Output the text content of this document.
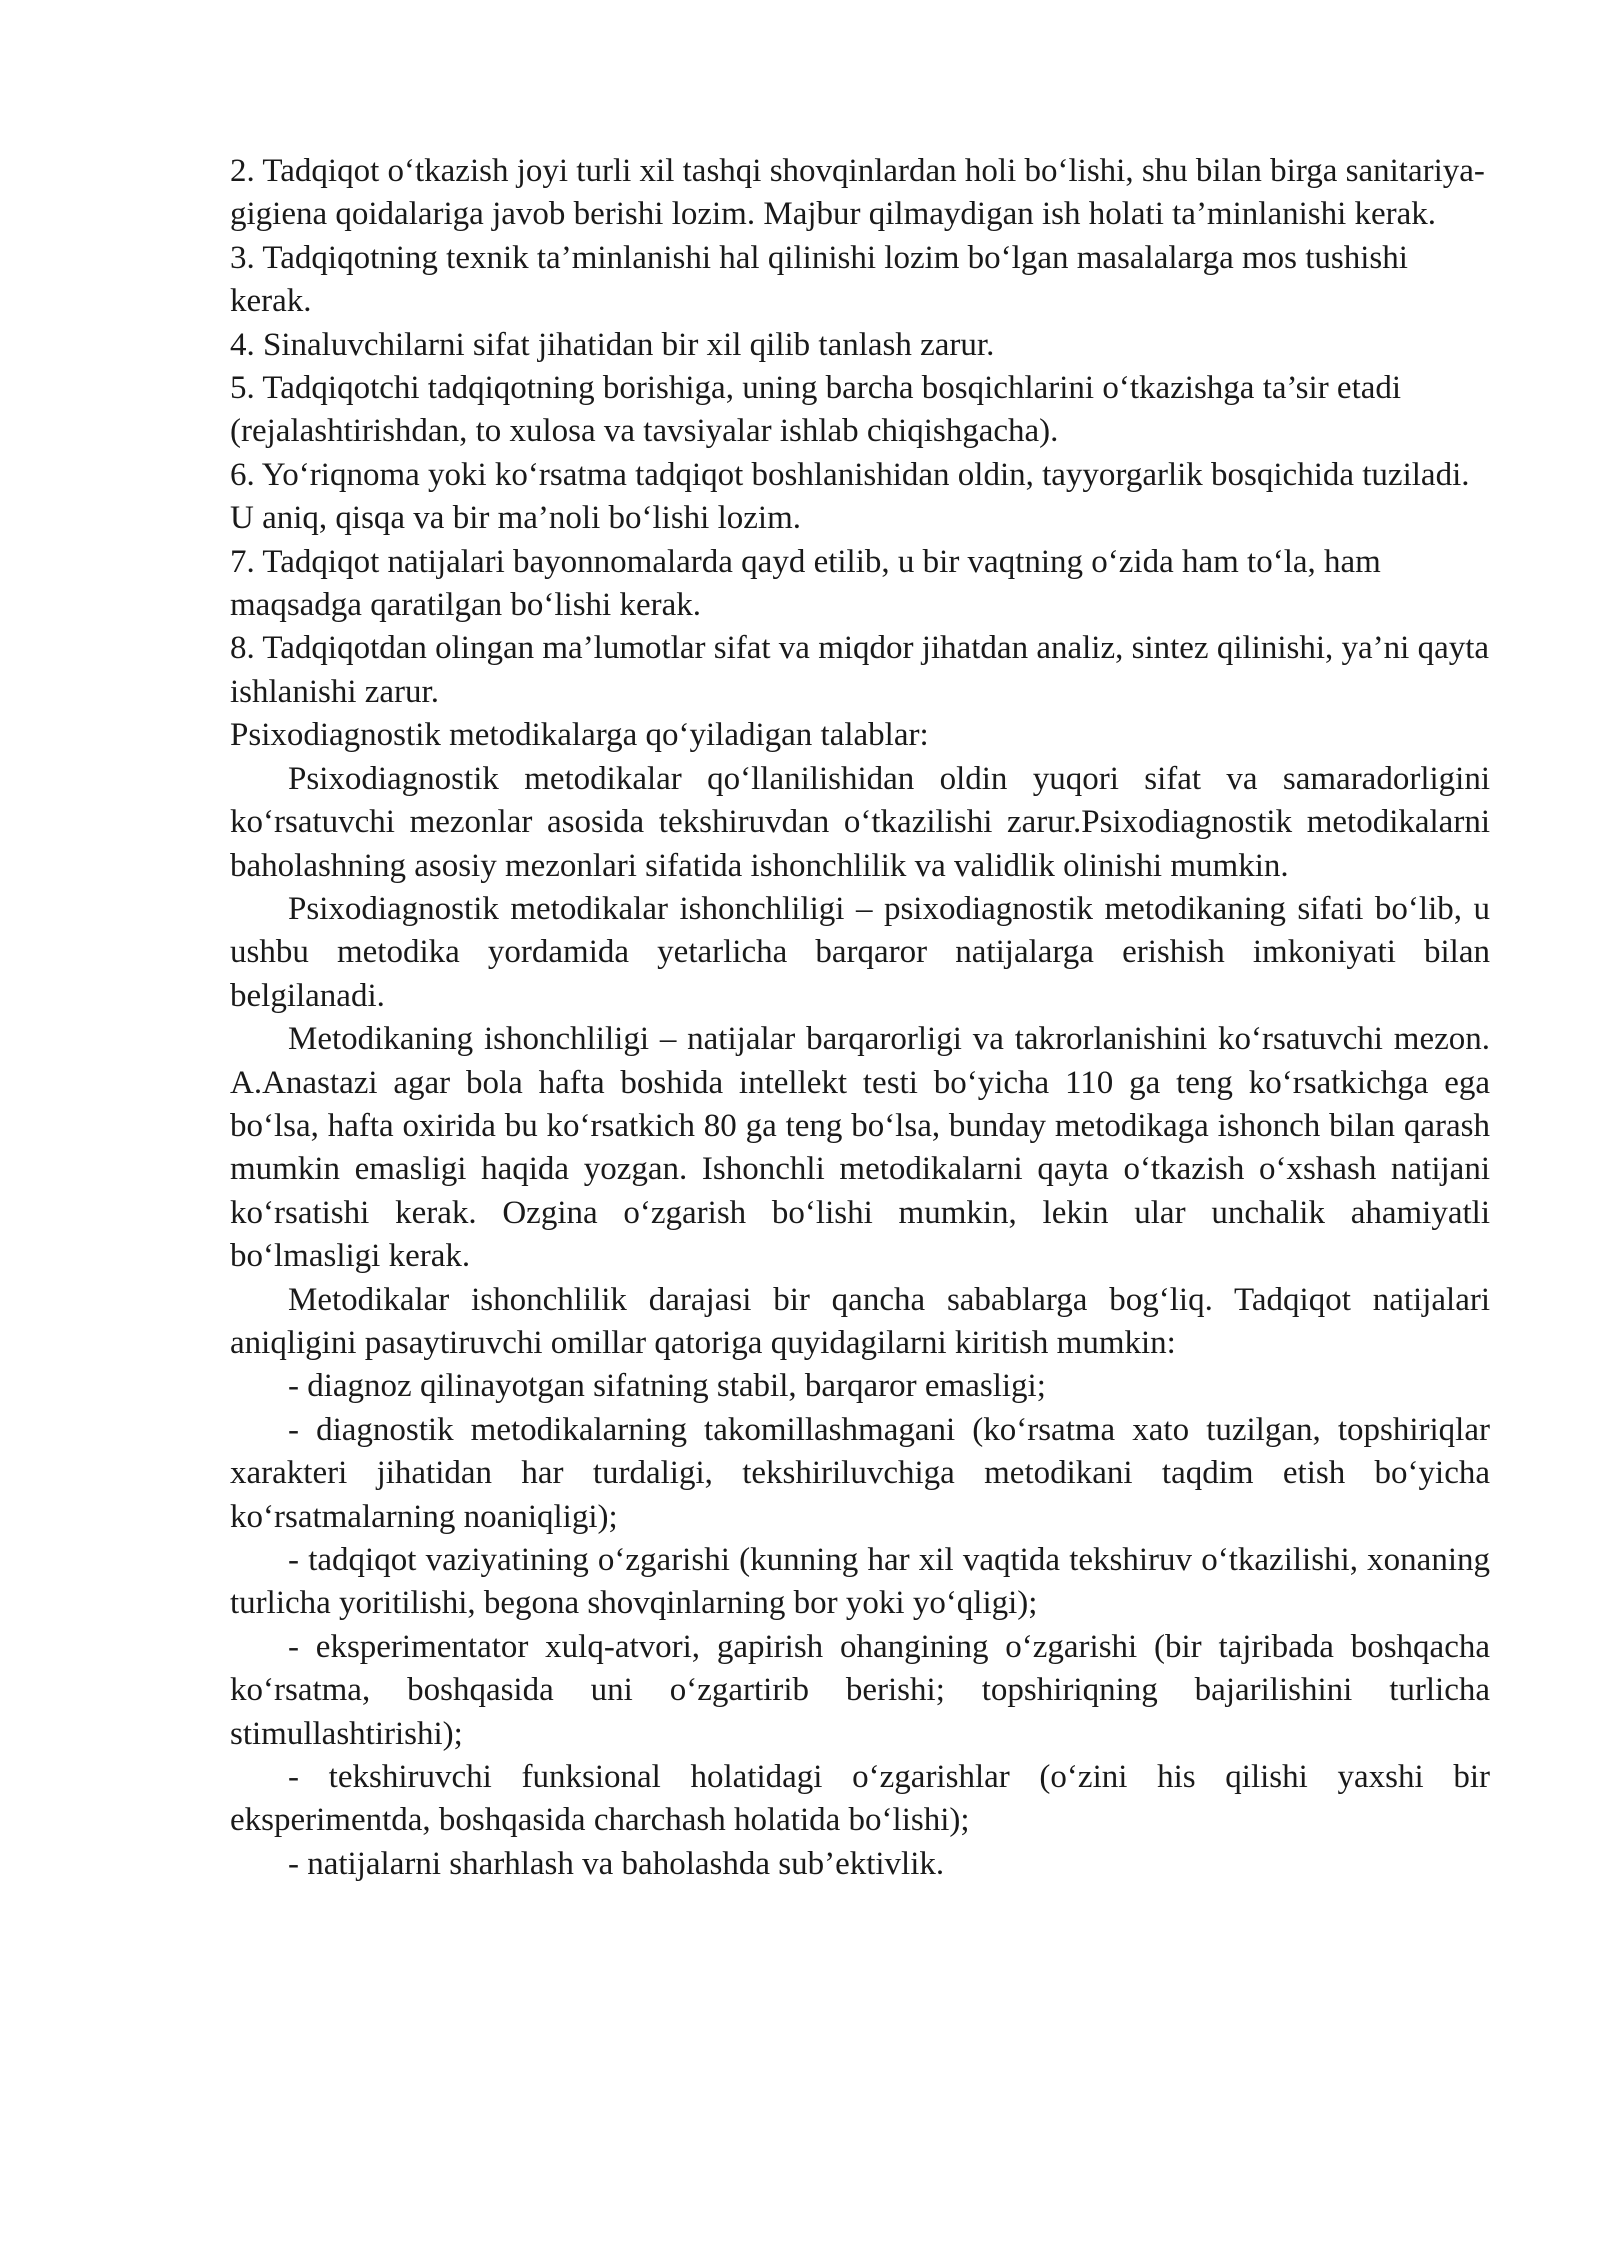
2. Tadqiqot o‘tkazish joyi turli xil tashqi shovqinlardan holi bo‘lishi, shu bilan birga sanitariya- gigiena qoidalariga javob berishi lozim. Majbur qilmaydigan ish holati ta’minlanishi kerak.

3. Tadqiqotning texnik ta’minlanishi hal qilinishi lozim bo‘lgan masalalarga mos tushishi kerak.

4. Sinaluvchilarni sifat jihatidan bir xil qilib tanlash zarur.

5. Tadqiqotchi tadqiqotning borishiga, uning barcha bosqichlarini o‘tkazishga ta’sir etadi (rejalashtirishdan, to xulosa va tavsiyalar ishlab chiqishgacha).

6. Yo‘riqnoma yoki ko‘rsatma tadqiqot boshlanishidan oldin, tayyorgarlik bosqichida tuziladi. U aniq, qisqa va bir ma’noli bo‘lishi lozim.

7. Tadqiqot natijalari bayonnomalarda qayd etilib, u bir vaqtning o‘zida ham to‘la, ham maqsadga qaratilgan bo‘lishi kerak.

8. Tadqiqotdan olingan ma’lumotlar sifat va miqdor jihatdan analiz, sintez qilinishi, ya’ni qayta ishlanishi zarur.

Psixodiagnostik metodikalarga qo‘yiladigan talablar:

Psixodiagnostik metodikalar qo‘llanilishidan oldin yuqori sifat va samaradorligini ko‘rsatuvchi mezonlar asosida tekshiruvdan o‘tkazilishi zarur.Psixodiagnostik metodikalarni baholashning asosiy mezonlari sifatida ishonchlilik va validlik olinishi mumkin.

Psixodiagnostik metodikalar ishonchliligi – psixodiagnostik metodikaning sifati bo‘lib, u ushbu metodika yordamida yetarlicha barqaror natijalarga erishish imkoniyati bilan belgilanadi.

Metodikaning ishonchliligi – natijalar barqarorligi va takrorlanishini ko‘rsatuvchi mezon. A.Anastazi agar bola hafta boshida intellekt testi bo‘yicha 110 ga teng ko‘rsatkichga ega bo‘lsa, hafta oxirida bu ko‘rsatkich 80 ga teng bo‘lsa, bunday metodikaga ishonch bilan qarash mumkin emasligi haqida yozgan. Ishonchli metodikalarni qayta o‘tkazish o‘xshash natijani ko‘rsatishi kerak. Ozgina o‘zgarish bo‘lishi mumkin, lekin ular unchalik ahamiyatli bo‘lmasligi kerak.

Metodikalar ishonchlilik darajasi bir qancha sabablarga bog‘liq. Tadqiqot natijalari aniqligini pasaytiruvchi omillar qatoriga quyidagilarni kiritish mumkin:

- diagnoz qilinayotgan sifatning stabil, barqaror emasligi;

- diagnostik metodikalarning takomillashmagani (ko‘rsatma xato tuzilgan, topshiriqlar xarakteri jihatidan har turdaligi, tekshiriluvchiga metodikani taqdim etish bo‘yicha ko‘rsatmalarning noaniqligi);

- tadqiqot vaziyatining o‘zgarishi (kunning har xil vaqtida tekshiruv o‘tkazilishi, xonaning turlicha yoritilishi, begona shovqinlarning bor yoki yo‘qligi);

- eksperimentator xulq-atvori, gapirish ohangining o‘zgarishi (bir tajribada boshqacha ko‘rsatma, boshqasida uni o‘zgartirib berishi; topshiriqning bajarilishini turlicha stimullashtirishi);

- tekshiruvchi funksional holatidagi o‘zgarishlar (o‘zini his qilishi yaxshi bir eksperimentda, boshqasida charchash holatida bo‘lishi);

- natijalarni sharhlash va baholashda sub’ektivlik.
